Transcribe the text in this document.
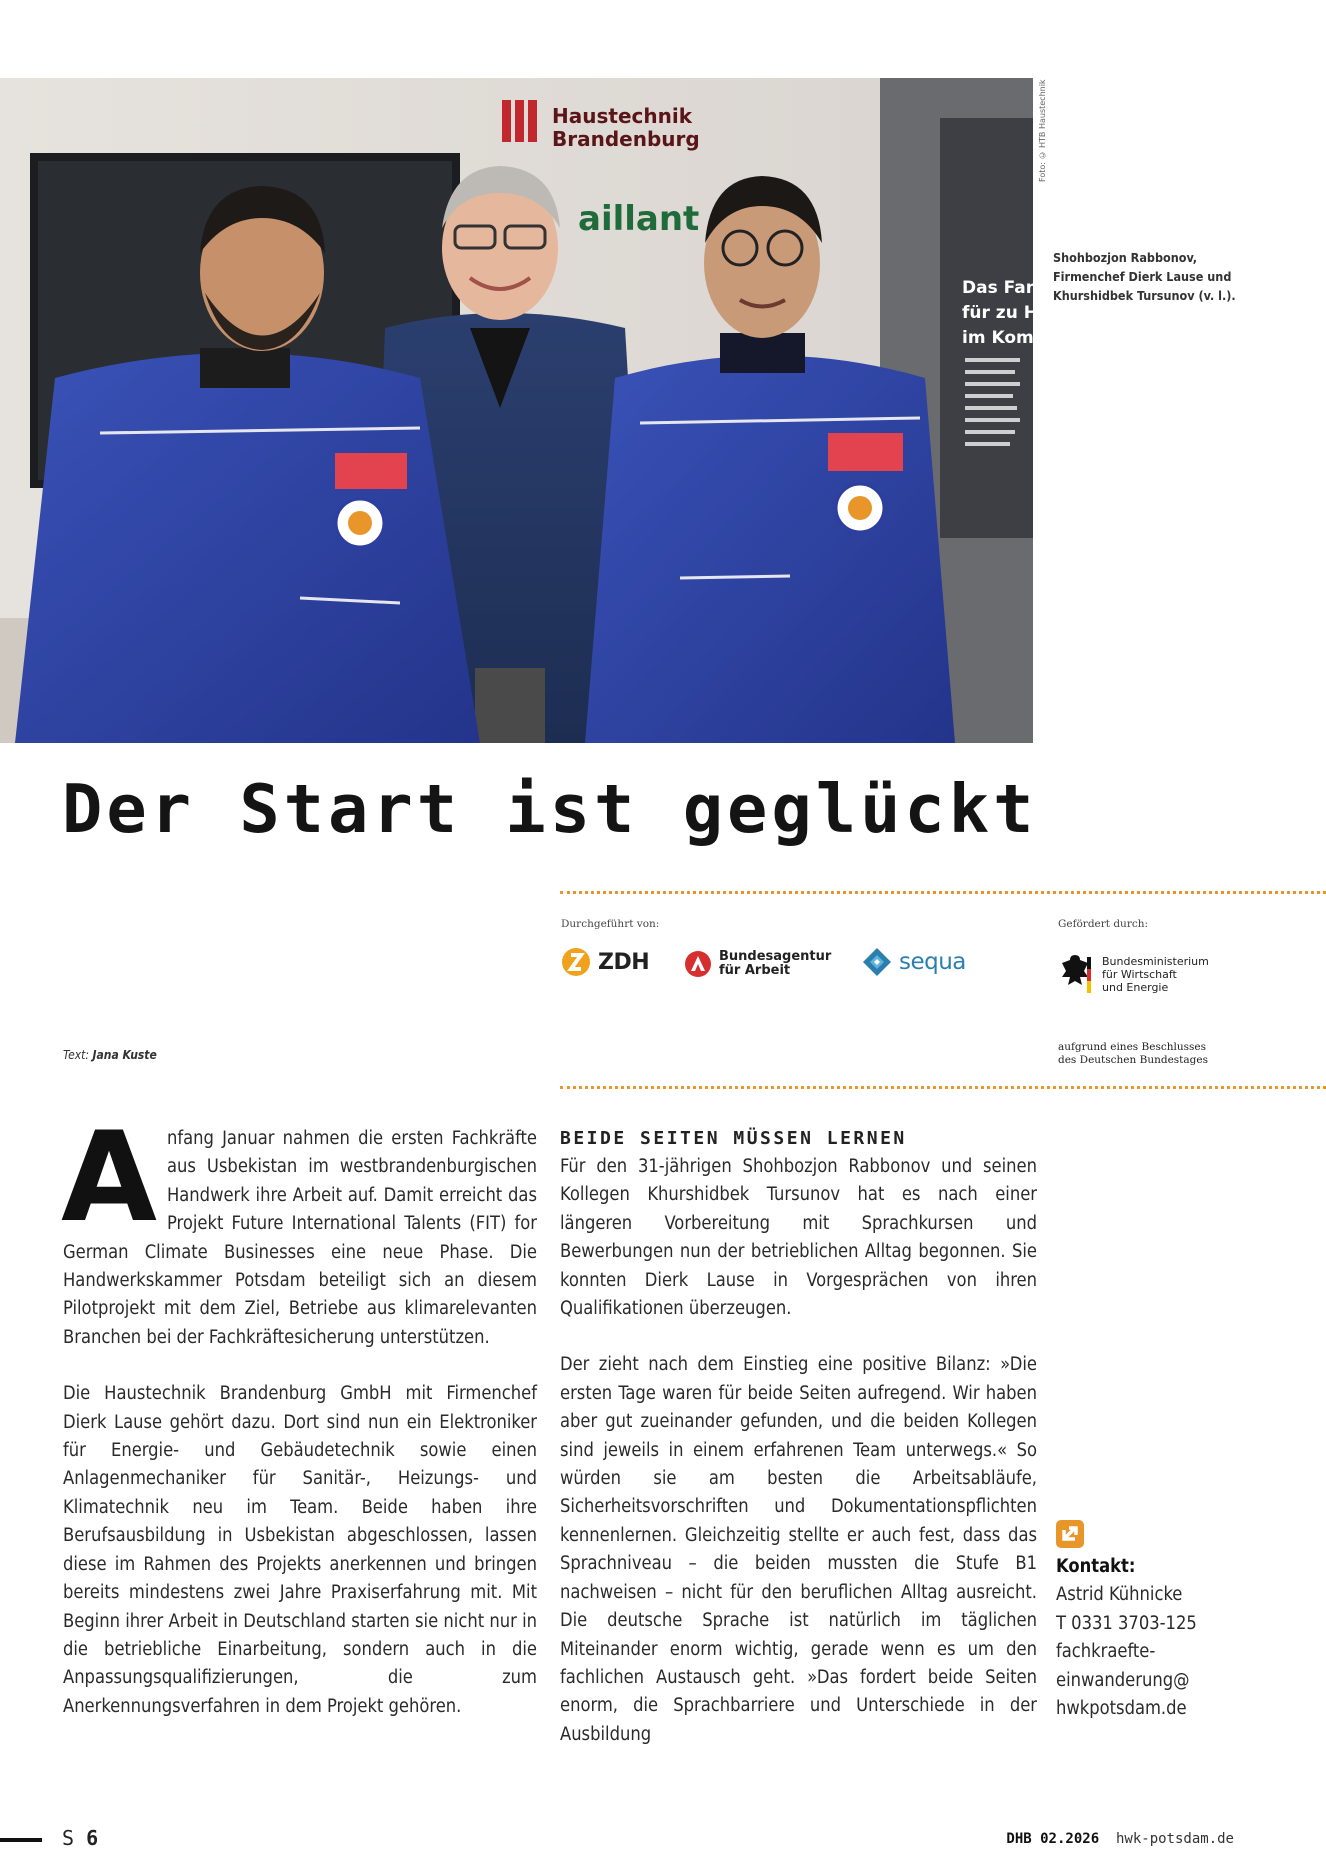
Haustechnik
Brandenburg
aillant
Das Fan
für zu Ha
im Komp
Foto: © HTB Haustechnik
Shohbozjon Rabbonov,
Firmenchef Dierk Lause und
Khurshidbek Tursunov (v. l.).
Der Start ist geglückt
Durchgeführt von:	Gefördert durch:
ZDH	Bundesagentur
für Arbeit	sequa	Bundesministerium
für Wirtschaft
und Energie
aufgrund eines Beschlusses
des Deutschen Bundestages
Text: Jana Kuste

Anfang Januar nahmen die ersten Fachkräfte aus Usbekistan im westbrandenburgischen Handwerk ihre Arbeit auf. Damit erreicht das Projekt Future International Talents (FIT) for German Climate Businesses eine neue Phase. Die Handwerkskammer Potsdam beteiligt sich an diesem Pilotprojekt mit dem Ziel, Betriebe aus klimarelevanten Branchen bei der Fachkräftesicherung unterstützen.

Die Haustechnik Brandenburg GmbH mit Firmenchef Dierk Lause gehört dazu. Dort sind nun ein Elektroniker für Energie- und Gebäudetechnik sowie einen Anlagenmechaniker für Sanitär-, Heizungs- und Klimatechnik neu im Team. Beide haben ihre Berufsausbildung in Usbekistan abgeschlossen, lassen diese im Rahmen des Projekts anerkennen und bringen bereits mindestens zwei Jahre Praxiserfahrung mit. Mit Beginn ihrer Arbeit in Deutschland starten sie nicht nur in die betriebliche Einarbeitung, sondern auch in die Anpassungsqualifizierungen, die zum Anerkennungsverfahren in dem Projekt gehören.

BEIDE SEITEN MÜSSEN LERNEN

Für den 31-jährigen Shohbozjon Rabbonov und seinen Kollegen Khurshidbek Tursunov hat es nach einer längeren Vorbereitung mit Sprachkursen und Bewerbungen nun der betrieblichen Alltag begonnen. Sie konnten Dierk Lause in Vorgesprächen von ihren Qualifikationen überzeugen.

Der zieht nach dem Einstieg eine positive Bilanz: »Die ersten Tage waren für beide Seiten aufregend. Wir haben aber gut zueinander gefunden, und die beiden Kollegen sind jeweils in einem erfahrenen Team unterwegs.« So würden sie am besten die Arbeitsabläufe, Sicherheitsvorschriften und Dokumentationspflichten kennenlernen. Gleichzeitig stellte er auch fest, dass das Sprachniveau – die beiden mussten die Stufe B1 nachweisen – nicht für den beruflichen Alltag ausreicht. Die deutsche Sprache ist natürlich im täglichen Miteinander enorm wichtig, gerade wenn es um den fachlichen Austausch geht. »Das fordert beide Seiten enorm, die Sprachbarriere und Unterschiede in der Ausbildung

Kontakt:
Astrid Kühnicke
T 0331 3703-125
fachkraefte-
einwanderung@
hwkpotsdam.de
S 6	DHB 02.2026 hwk-potsdam.de
